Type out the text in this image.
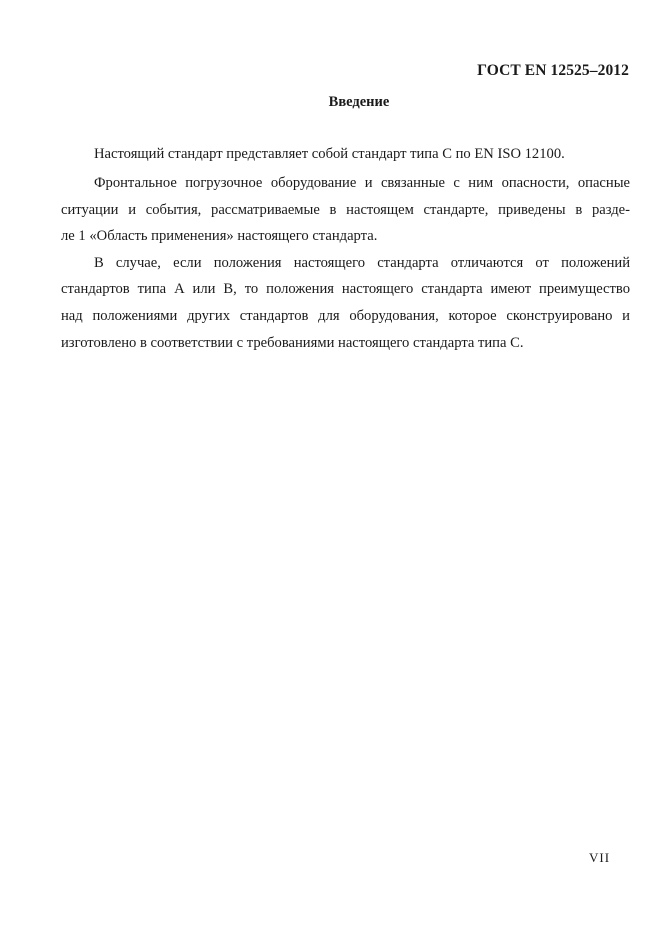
ГОСТ EN 12525–2012
Введение
Настоящий стандарт представляет собой стандарт типа С по EN ISO 12100.
Фронтальное погрузочное оборудование и связанные с ним опасности, опасные
ситуации и события, рассматриваемые в настоящем стандарте, приведены в разде-
ле 1 «Область применения» настоящего стандарта.
В случае, если положения настоящего стандарта отличаются от положений
стандартов типа А или В, то положения настоящего стандарта имеют преимущество
над положениями других стандартов для оборудования, которое сконструировано и
изготовлено в соответствии с требованиями настоящего стандарта типа С.
VII
